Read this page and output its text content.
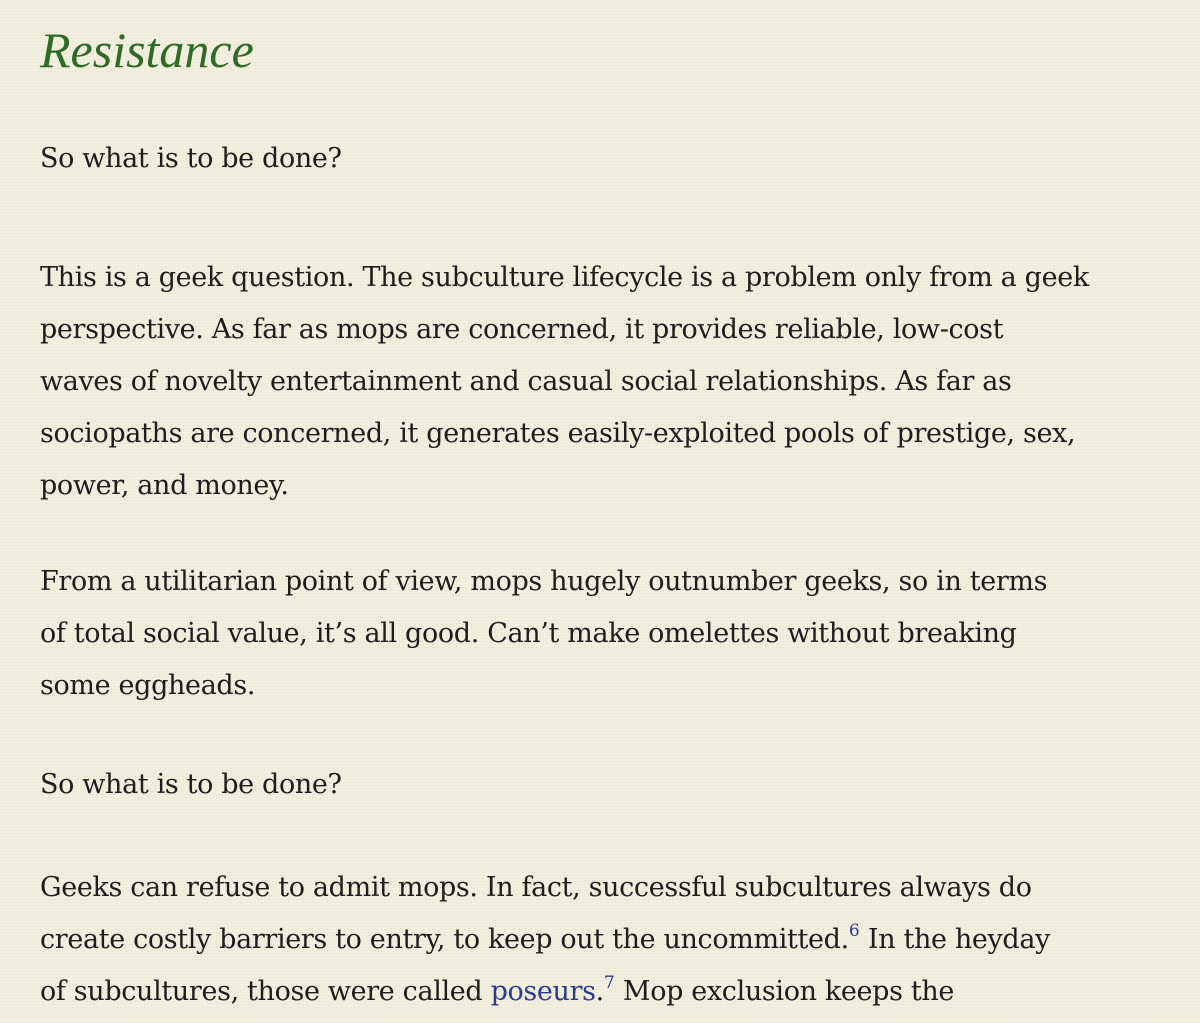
Resistance

So what is to be done?

This is a geek question. The subculture lifecycle is a problem only from a geek
perspective. As far as mops are concerned, it provides reliable, low-cost
waves of novelty entertainment and casual social relationships. As far as
sociopaths are concerned, it generates easily-exploited pools of prestige, sex,
power, and money.

From a utilitarian point of view, mops hugely outnumber geeks, so in terms
of total social value, it’s all good. Can’t make omelettes without breaking
some eggheads.

So what is to be done?

Geeks can refuse to admit mops. In fact, successful subcultures always do
create costly barriers to entry, to keep out the uncommitted.$^6$ In the heyday
of subcultures, those were called poseurs.$^7$ Mop exclusion keeps the
